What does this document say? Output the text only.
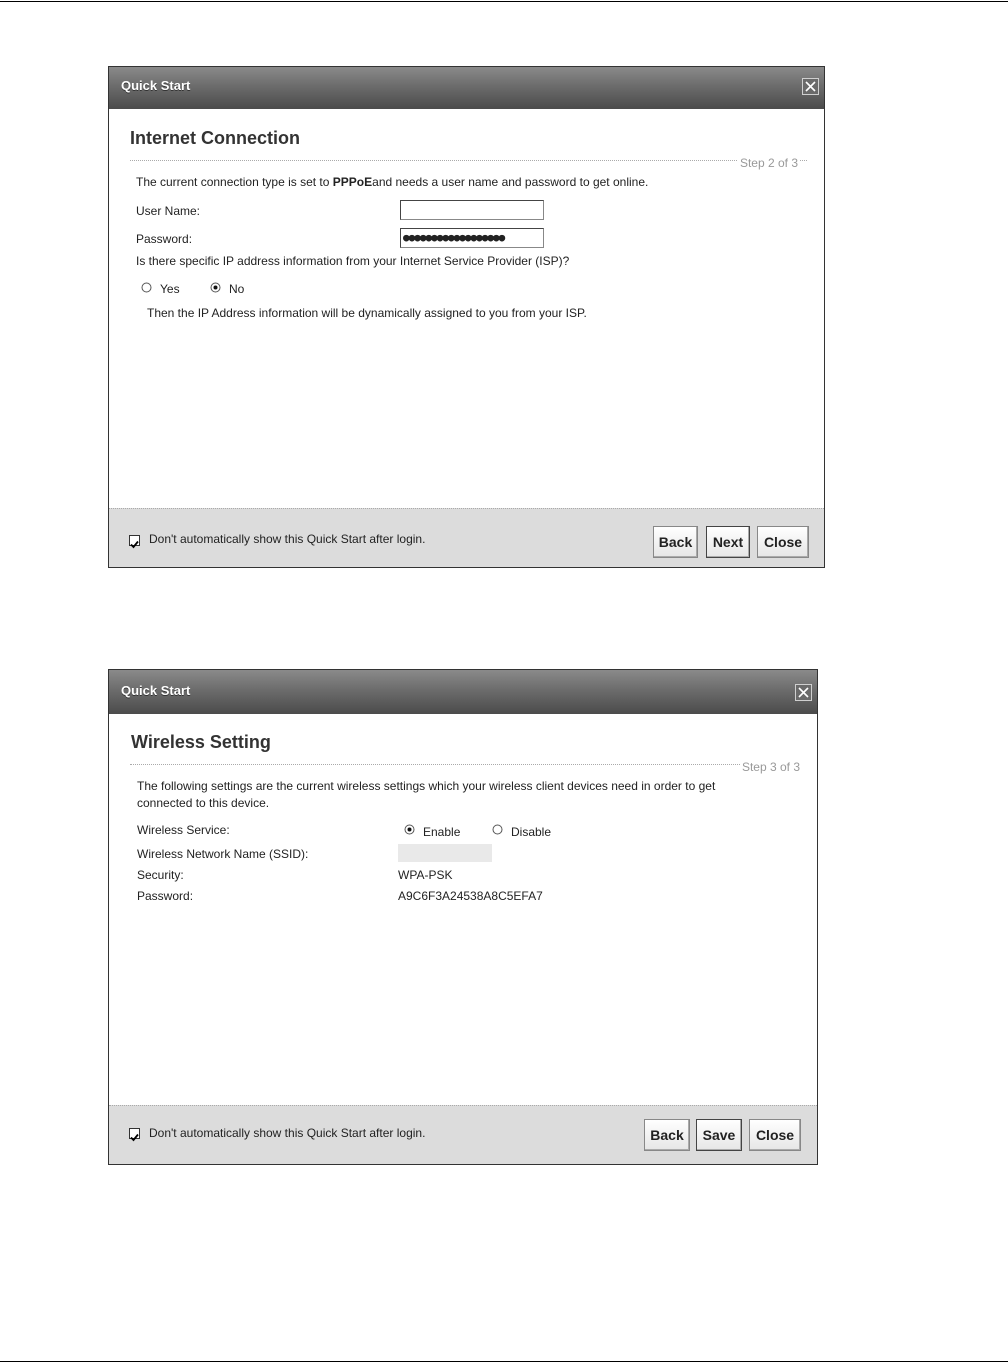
Quick Start
Internet Connection
Step 2 of 3
The current connection type is set to PPPoEand needs a user name and password to get online.
User Name:
Password:	●●●●●●●●●●●●●●●●●●
Is there specific IP address information from your Internet Service Provider (ISP)?
Yes	No
Then the IP Address information will be dynamically assigned to you from your ISP.
Don't automatically show this Quick Start after login.	Back	Next	Close
Quick Start
Wireless Setting
Step 3 of 3
The following settings are the current wireless settings which your wireless client devices need in order to get
connected to this device.
Wireless Service:	Enable	Disable
Wireless Network Name (SSID):
Security:	WPA-PSK
Password:	A9C6F3A24538A8C5EFA7
Don't automatically show this Quick Start after login.	Back	Save	Close
